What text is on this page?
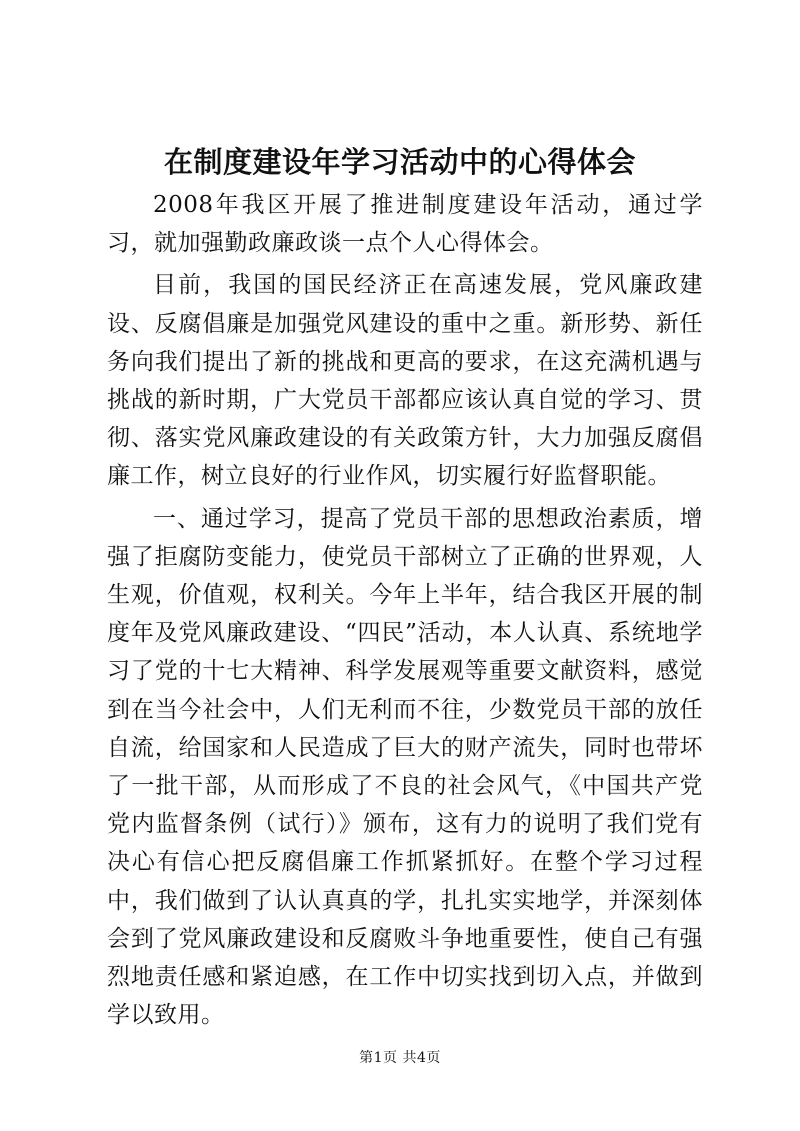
在制度建设年学习活动中的心得体会

2008年我区开展了推进制度建设年活动，通过学习，就加强勤政廉政谈一点个人心得体会。

目前，我国的国民经济正在高速发展，党风廉政建设、反腐倡廉是加强党风建设的重中之重。新形势、新任务向我们提出了新的挑战和更高的要求，在这充满机遇与挑战的新时期，广大党员干部都应该认真自觉的学习、贯彻、落实党风廉政建设的有关政策方针，大力加强反腐倡廉工作，树立良好的行业作风，切实履行好监督职能。

一、通过学习，提高了党员干部的思想政治素质，增强了拒腐防变能力，使党员干部树立了正确的世界观，人生观，价值观，权利关。今年上半年，结合我区开展的制度年及党风廉政建设、“四民”活动，本人认真、系统地学习了党的十七大精神、科学发展观等重要文献资料，感觉到在当今社会中，人们无利而不往，少数党员干部的放任自流，给国家和人民造成了巨大的财产流失，同时也带坏了一批干部，从而形成了不良的社会风气，《中国共产党党内监督条例（试行）》颁布，这有力的说明了我们党有决心有信心把反腐倡廉工作抓紧抓好。在整个学习过程中，我们做到了认认真真的学，扎扎实实地学，并深刻体会到了党风廉政建设和反腐败斗争地重要性，使自己有强烈地责任感和紧迫感，在工作中切实找到切入点，并做到学以致用。

第1页 共4页
